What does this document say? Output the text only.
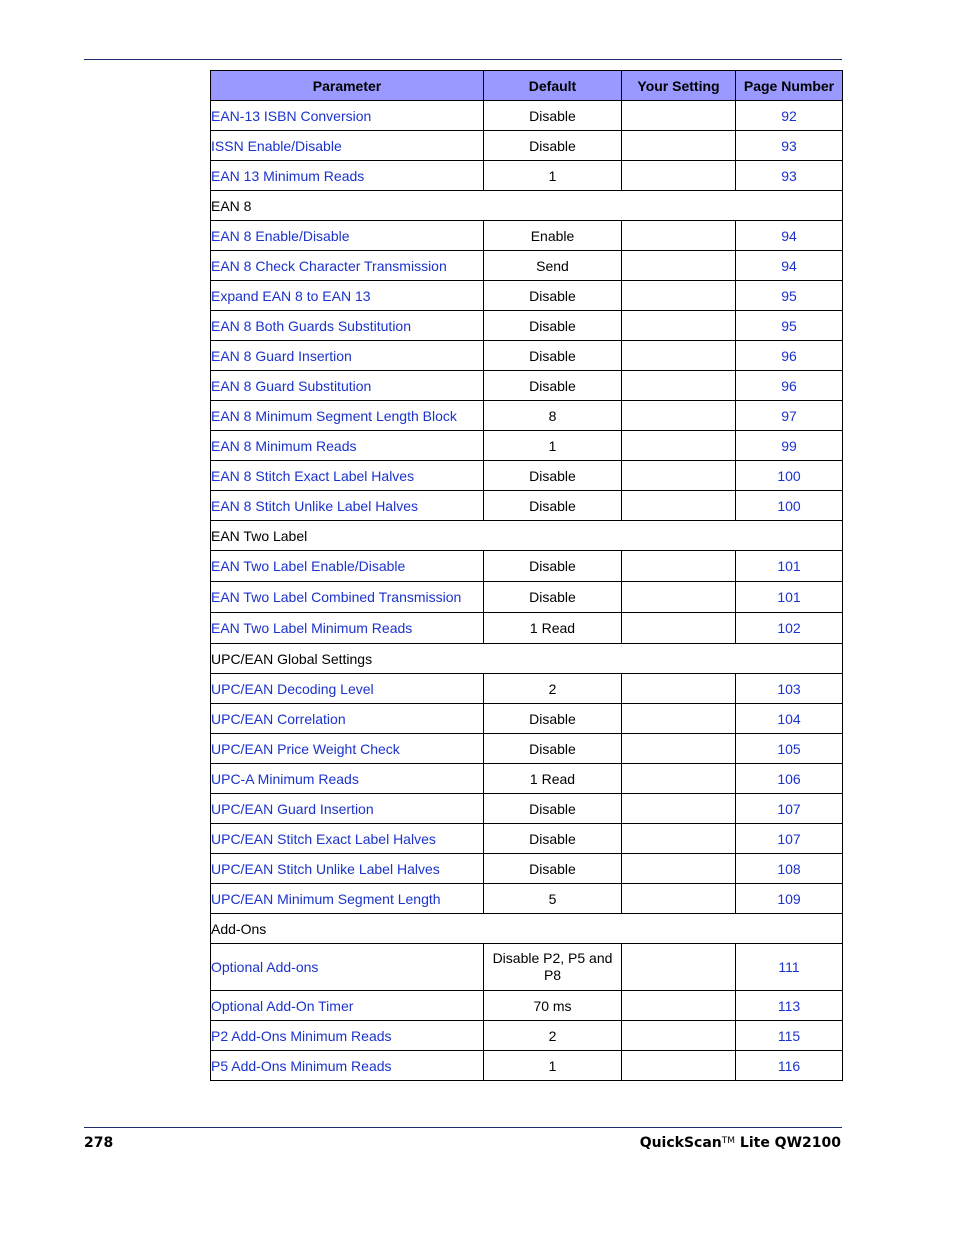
Parameter	Default	Your Setting	Page Number
EAN-13 ISBN Conversion	Disable		92
ISSN Enable/Disable	Disable		93
EAN 13 Minimum Reads	1		93
EAN 8			
EAN 8 Enable/Disable	Enable		94
EAN 8 Check Character Transmission	Send		94
Expand EAN 8 to EAN 13	Disable		95
EAN 8 Both Guards Substitution	Disable		95
EAN 8 Guard Insertion	Disable		96
EAN 8 Guard Substitution	Disable		96
EAN 8 Minimum Segment Length Block	8		97
EAN 8 Minimum Reads	1		99
EAN 8 Stitch Exact Label Halves	Disable		100
EAN 8 Stitch Unlike Label Halves	Disable		100
EAN Two Label			
EAN Two Label Enable/Disable	Disable		101
EAN Two Label Combined Transmission	Disable		101
EAN Two Label Minimum Reads	1 Read		102
UPC/EAN Global Settings			
UPC/EAN Decoding Level	2		103
UPC/EAN Correlation	Disable		104
UPC/EAN Price Weight Check	Disable		105
UPC-A Minimum Reads	1 Read		106
UPC/EAN Guard Insertion	Disable		107
UPC/EAN Stitch Exact Label Halves	Disable		107
UPC/EAN Stitch Unlike Label Halves	Disable		108
UPC/EAN Minimum Segment Length	5		109
Add-Ons			
Optional Add-ons	Disable P2, P5 and P8		111
Optional Add-On Timer	70 ms		113
P2 Add-Ons Minimum Reads	2		115
P5 Add-Ons Minimum Reads	1		116
278	QuickScan™ Lite QW2100
